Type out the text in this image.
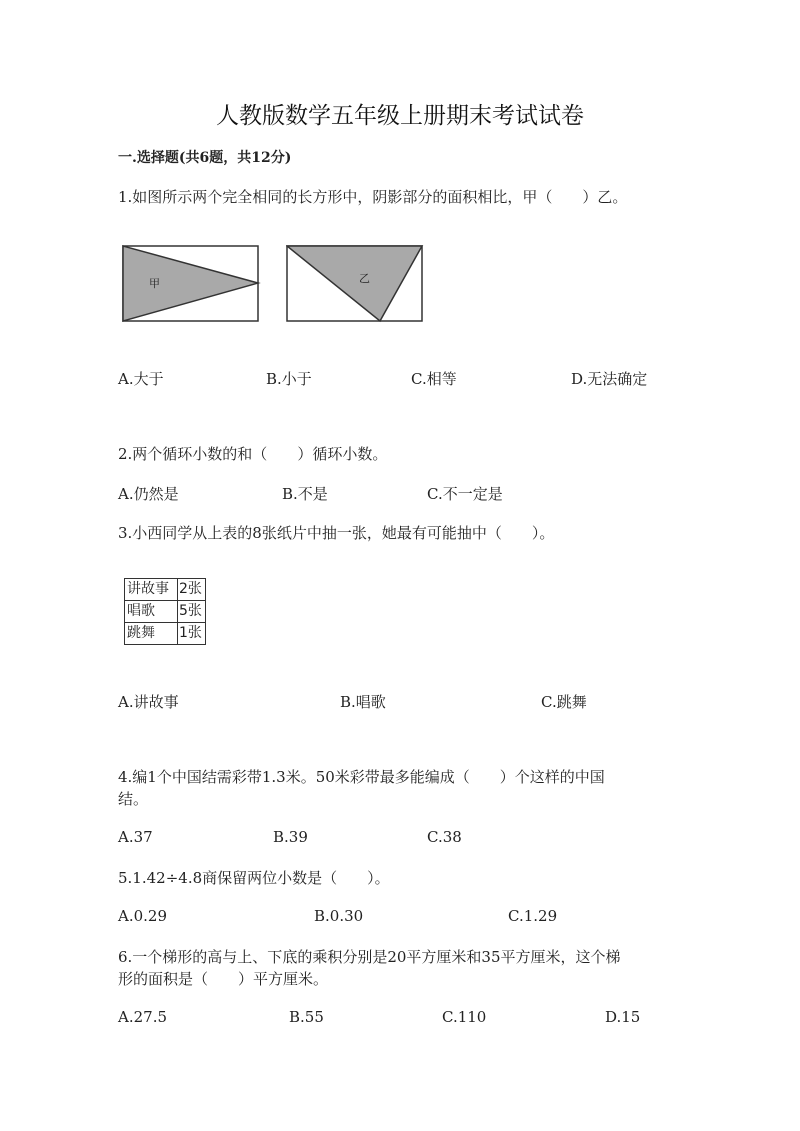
人教版数学五年级上册期末考试试卷
一.选择题(共6题，共12分)
1.如图所示两个完全相同的长方形中，阴影部分的面积相比，甲（　　）乙。
甲	乙
A.大于	B.小于	C.相等	D.无法确定
2.两个循环小数的和（　　）循环小数。
A.仍然是	B.不是	C.不一定是
3.小西同学从上表的8张纸片中抽一张，她最有可能抽中（　　）。
讲故事	2张
唱歌	5张
跳舞	1张
A.讲故事	B.唱歌	C.跳舞
4.编1个中国结需彩带1.3米。50米彩带最多能编成（　　）个这样的中国
结。
A.37	B.39	C.38
5.1.42÷4.8商保留两位小数是（　　）。
A.0.29	B.0.30	C.1.29
6.一个梯形的高与上、下底的乘积分别是20平方厘米和35平方厘米，这个梯
形的面积是（　　）平方厘米。
A.27.5	B.55	C.110	D.15
